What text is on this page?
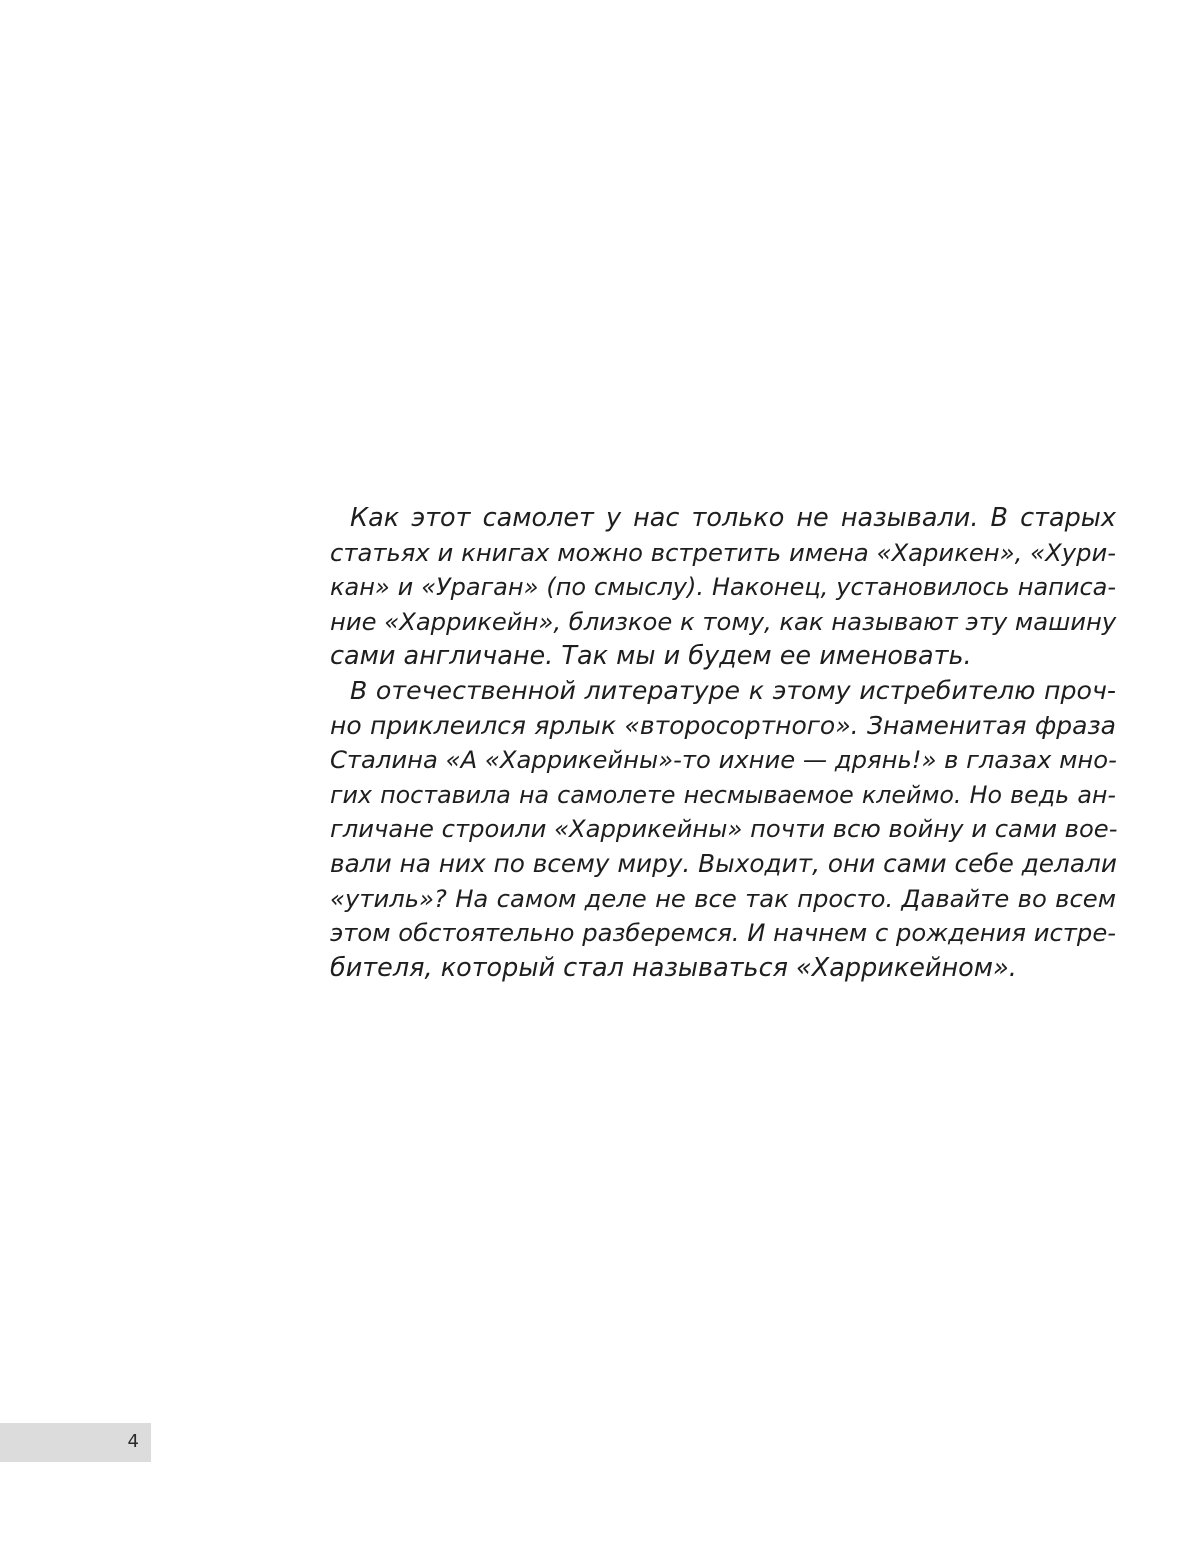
Как этот самолет у нас только не называли. В старых
статьях и книгах можно встретить имена «Харикен», «Хури-
кан» и «Ураган» (по смыслу). Наконец, установилось написа-
ние «Харрикейн», близкое к тому, как называют эту машину
сами англичане. Так мы и будем ее именовать.
В отечественной литературе к этому истребителю проч-
но приклеился ярлык «второсортного». Знаменитая фраза
Сталина «А «Харрикейны»-то ихние — дрянь!» в глазах мно-
гих поставила на самолете несмываемое клеймо. Но ведь ан-
гличане строили «Харрикейны» почти всю войну и сами вое-
вали на них по всему миру. Выходит, они сами себе делали
«утиль»? На самом деле не все так просто. Давайте во всем
этом обстоятельно разберемся. И начнем с рождения истре-
бителя, который стал называться «Харрикейном».
4
